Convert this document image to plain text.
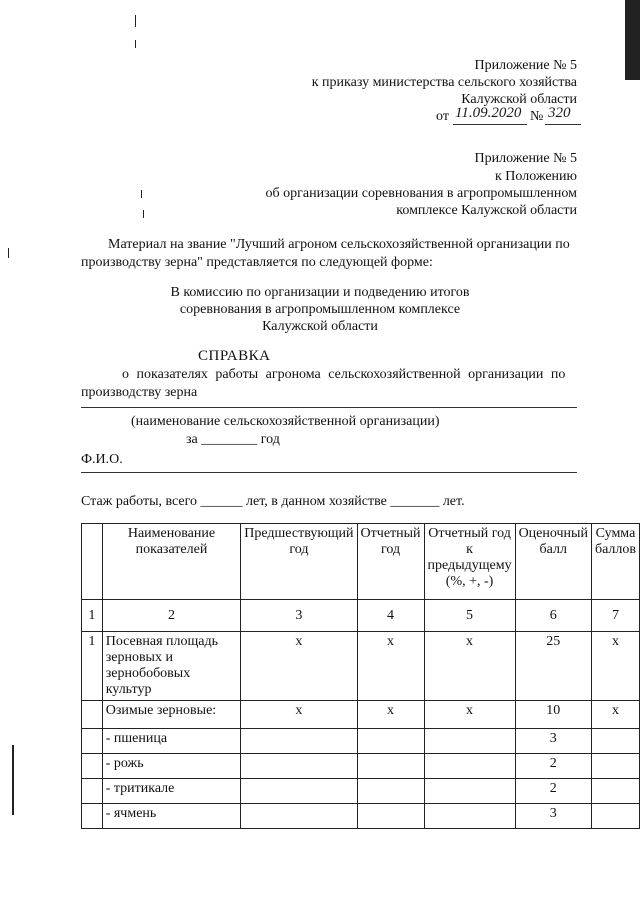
Приложение № 5
к приказу министерства сельского хозяйства
Калужской области
от 11.09.2020 № 320
Приложение № 5
к Положению
об организации соревнования в агропромышленном
комплексе Калужской области
Материал на звание "Лучший агроном сельскохозяйственной организации по
производству зерна" представляется по следующей форме:
В комиссию по организации и подведению итогов
соревнования в агропромышленном комплексе
Калужской области
СПРАВКА
о показателях работы агронома сельскохозяйственной организации по
производству зерна
(наименование сельскохозяйственной организации)
за ________ год
Ф.И.О.
Стаж работы, всего ______ лет, в данном хозяйстве _______ лет.
	Наименование показателей	Предшествующий год	Отчетный год	Отчетный год к предыдущему (%, +, -)	Оценочный балл	Сумма баллов
1	2	3	4	5	6	7
1	Посевная площадь зерновых и зернобобовых культур	х	х	х	25	х
	Озимые зерновые:	х	х	х	10	х
	- пшеница				3	
	- рожь				2	
	- тритикале				2	
	- ячмень				3	
